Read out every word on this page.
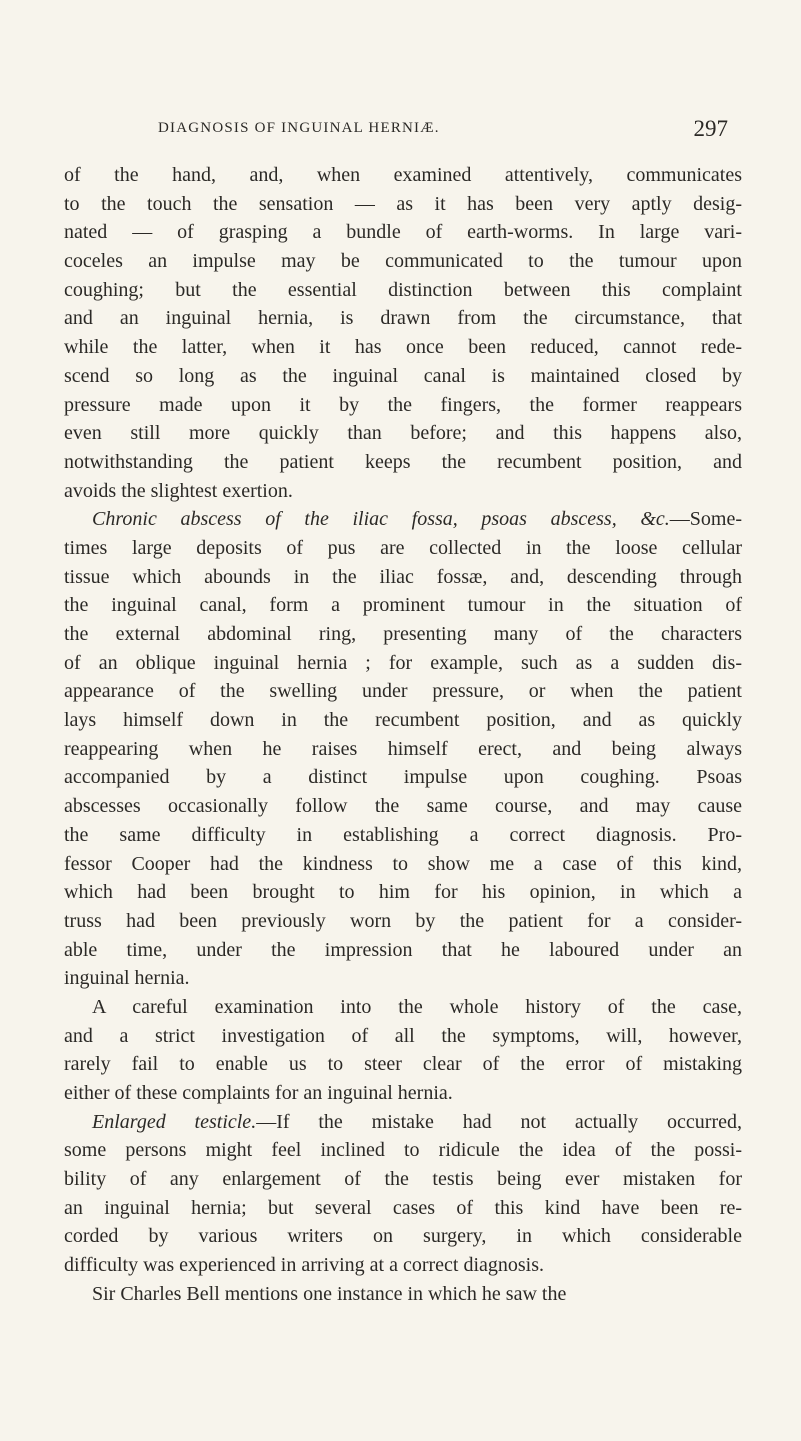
DIAGNOSIS OF INGUINAL HERNIÆ.	297
of the hand, and, when examined attentively, communicates
to the touch the sensation — as it has been very aptly desig-
nated — of grasping a bundle of earth-worms. In large vari-
coceles an impulse may be communicated to the tumour upon
coughing; but the essential distinction between this complaint
and an inguinal hernia, is drawn from the circumstance, that
while the latter, when it has once been reduced, cannot rede-
scend so long as the inguinal canal is maintained closed by
pressure made upon it by the fingers, the former reappears
even still more quickly than before; and this happens also,
notwithstanding the patient keeps the recumbent position, and
avoids the slightest exertion.
Chronic abscess of the iliac fossa, psoas abscess, &c.—Some-
times large deposits of pus are collected in the loose cellular
tissue which abounds in the iliac fossæ, and, descending through
the inguinal canal, form a prominent tumour in the situation of
the external abdominal ring, presenting many of the characters
of an oblique inguinal hernia ; for example, such as a sudden dis-
appearance of the swelling under pressure, or when the patient
lays himself down in the recumbent position, and as quickly
reappearing when he raises himself erect, and being always
accompanied by a distinct impulse upon coughing. Psoas
abscesses occasionally follow the same course, and may cause
the same difficulty in establishing a correct diagnosis. Pro-
fessor Cooper had the kindness to show me a case of this kind,
which had been brought to him for his opinion, in which a
truss had been previously worn by the patient for a consider-
able time, under the impression that he laboured under an
inguinal hernia.
A careful examination into the whole history of the case,
and a strict investigation of all the symptoms, will, however,
rarely fail to enable us to steer clear of the error of mistaking
either of these complaints for an inguinal hernia.
Enlarged testicle.—If the mistake had not actually occurred,
some persons might feel inclined to ridicule the idea of the possi-
bility of any enlargement of the testis being ever mistaken for
an inguinal hernia; but several cases of this kind have been re-
corded by various writers on surgery, in which considerable
difficulty was experienced in arriving at a correct diagnosis.
Sir Charles Bell mentions one instance in which he saw the
